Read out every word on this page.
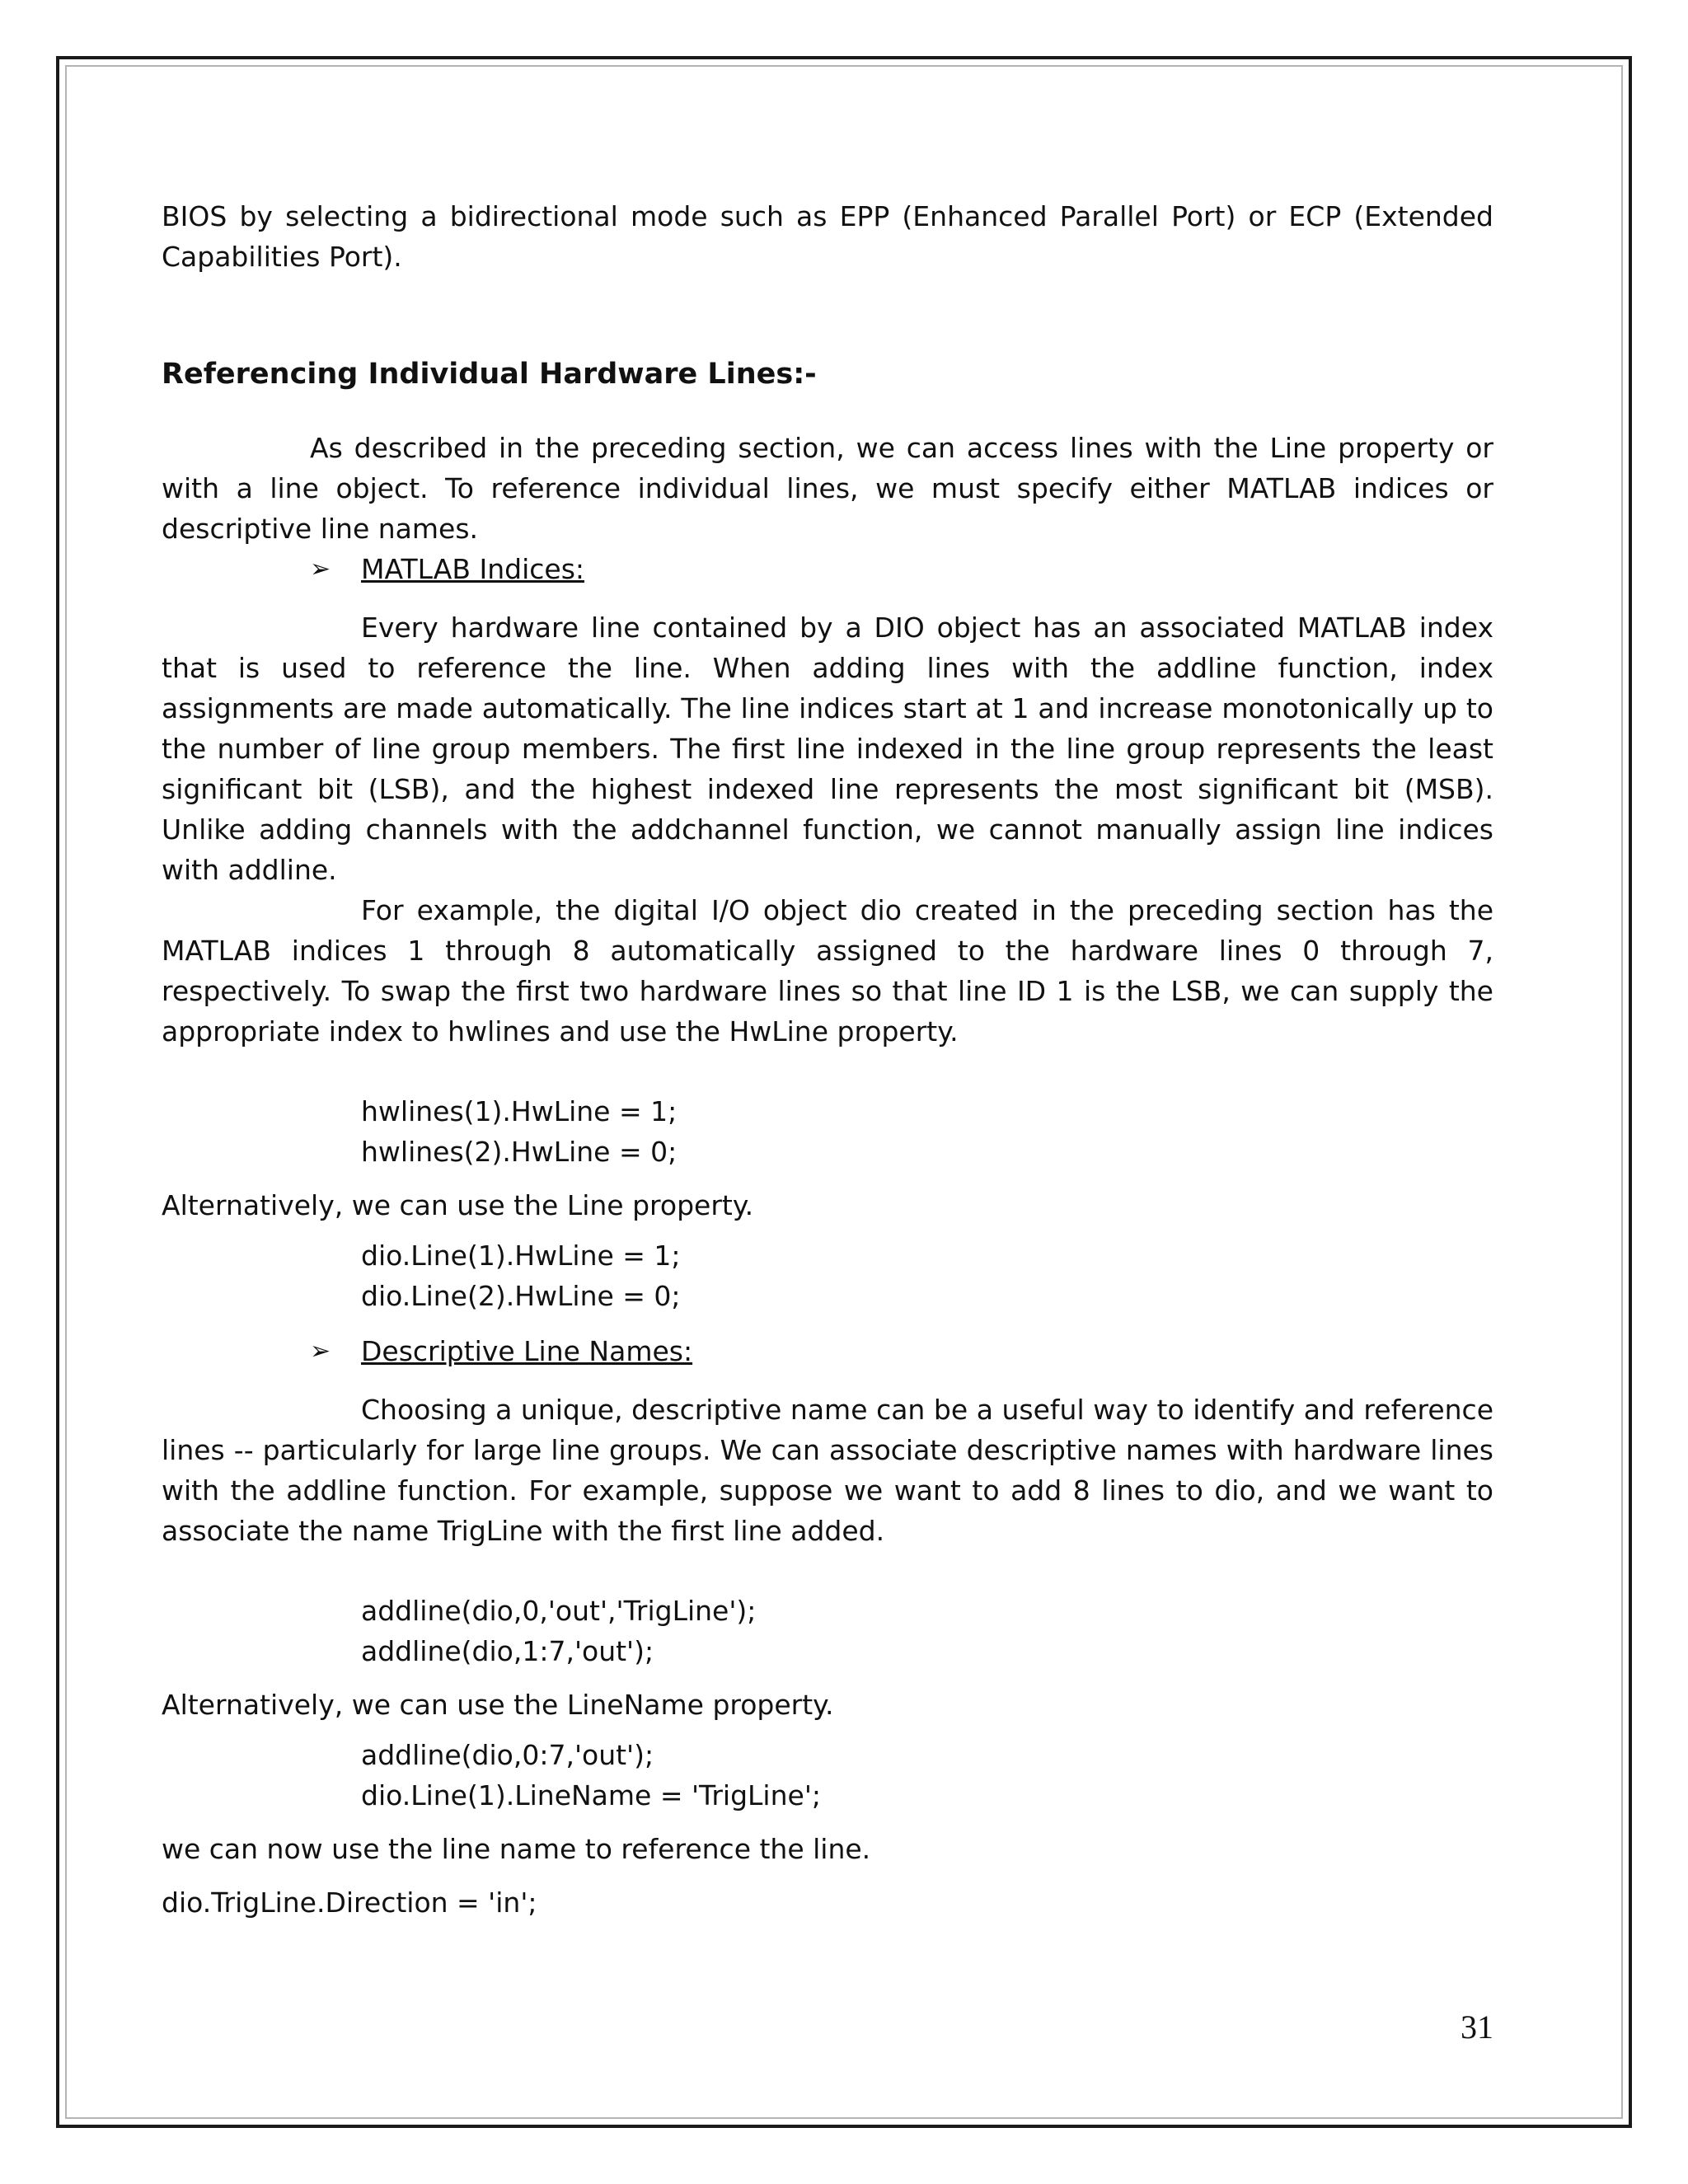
BIOS by selecting a bidirectional mode such as EPP (Enhanced Parallel Port) or ECP (Extended Capabilities Port).

Referencing Individual Hardware Lines:-

As described in the preceding section, we can access lines with the Line property or with a line object. To reference individual lines, we must specify either MATLAB indices or descriptive line names.

➢	MATLAB Indices:

Every hardware line contained by a DIO object has an associated MATLAB index that is used to reference the line. When adding lines with the addline function, index assignments are made automatically. The line indices start at 1 and increase monotonically up to the number of line group members. The first line indexed in the line group represents the least significant bit (LSB), and the highest indexed line represents the most significant bit (MSB). Unlike adding channels with the addchannel function, we cannot manually assign line indices with addline.

For example, the digital I/O object dio created in the preceding section has the MATLAB indices 1 through 8 automatically assigned to the hardware lines 0 through 7, respectively. To swap the first two hardware lines so that line ID 1 is the LSB, we can supply the appropriate index to hwlines and use the HwLine property.

hwlines(1).HwLine = 1;

hwlines(2).HwLine = 0;

Alternatively, we can use the Line property.

dio.Line(1).HwLine = 1;

dio.Line(2).HwLine = 0;

➢	Descriptive Line Names:

Choosing a unique, descriptive name can be a useful way to identify and reference lines -- particularly for large line groups. We can associate descriptive names with hardware lines with the addline function. For example, suppose we want to add 8 lines to dio, and we want to associate the name TrigLine with the first line added.

addline(dio,0,'out','TrigLine');

addline(dio,1:7,'out');

Alternatively, we can use the LineName property.

addline(dio,0:7,'out');

dio.Line(1).LineName = 'TrigLine';

we can now use the line name to reference the line.

dio.TrigLine.Direction = 'in';

31
